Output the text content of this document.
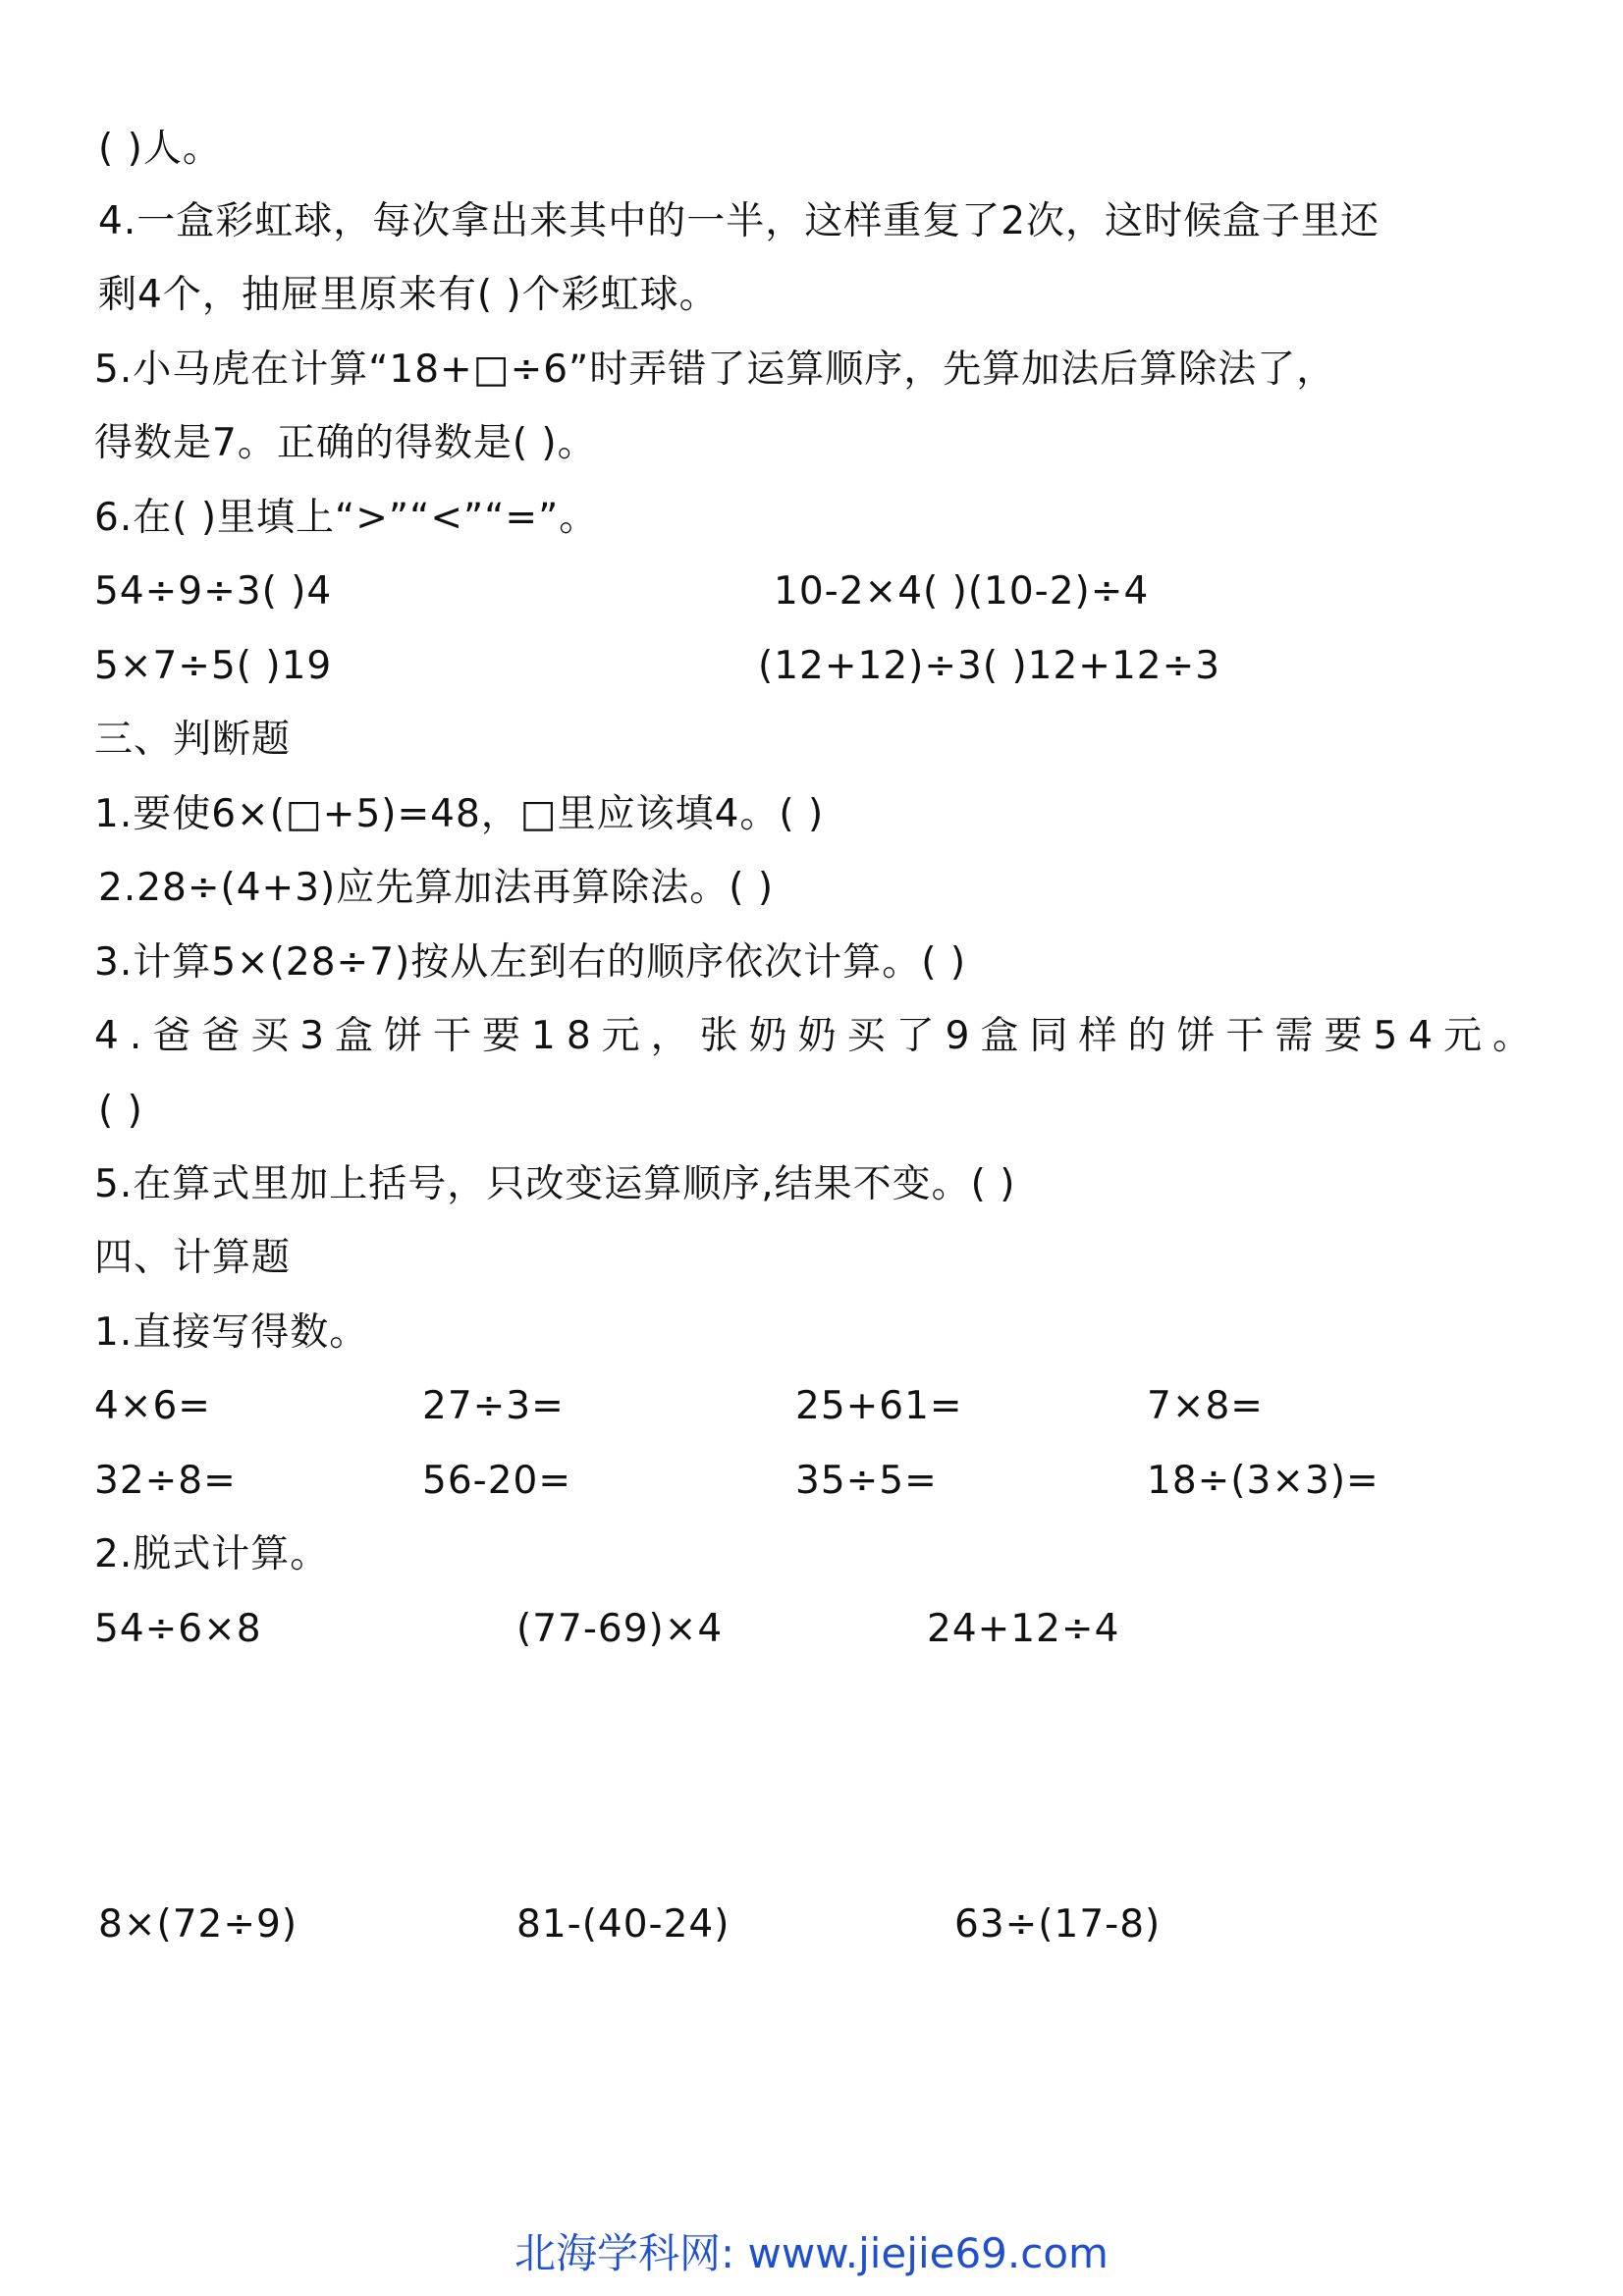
( )人。
4.一盒彩虹球，每次拿出来其中的一半，这样重复了2次，这时候盒子里还
剩4个，抽屉里原来有( )个彩虹球。
5.小马虎在计算“18+□÷6”时弄错了运算顺序，先算加法后算除法了，
得数是7。正确的得数是( )。
6.在( )里填上“>”“<”“=”。
54÷9÷3( )4	10-2×4( )(10-2)÷4
5×7÷5( )19	(12+12)÷3( )12+12÷3
三、判断题
1.要使6×(□+5)=48，□里应该填4。( )
2.28÷(4+3)应先算加法再算除法。( )
3.计算5×(28÷7)按从左到右的顺序依次计算。( )
4.爸爸买3盒饼干要18元，张奶奶买了9盒同样的饼干需要54元。
( )
5.在算式里加上括号，只改变运算顺序,结果不变。( )
四、计算题
1.直接写得数。
4×6=	27÷3=	25+61=	7×8=
32÷8=	56-20=	35÷5=	18÷(3×3)=
2.脱式计算。
54÷6×8	(77-69)×4	24+12÷4
8×(72÷9)	81-(40-24)	63÷(17-8)
北海学科网: www.jiejie69.com
